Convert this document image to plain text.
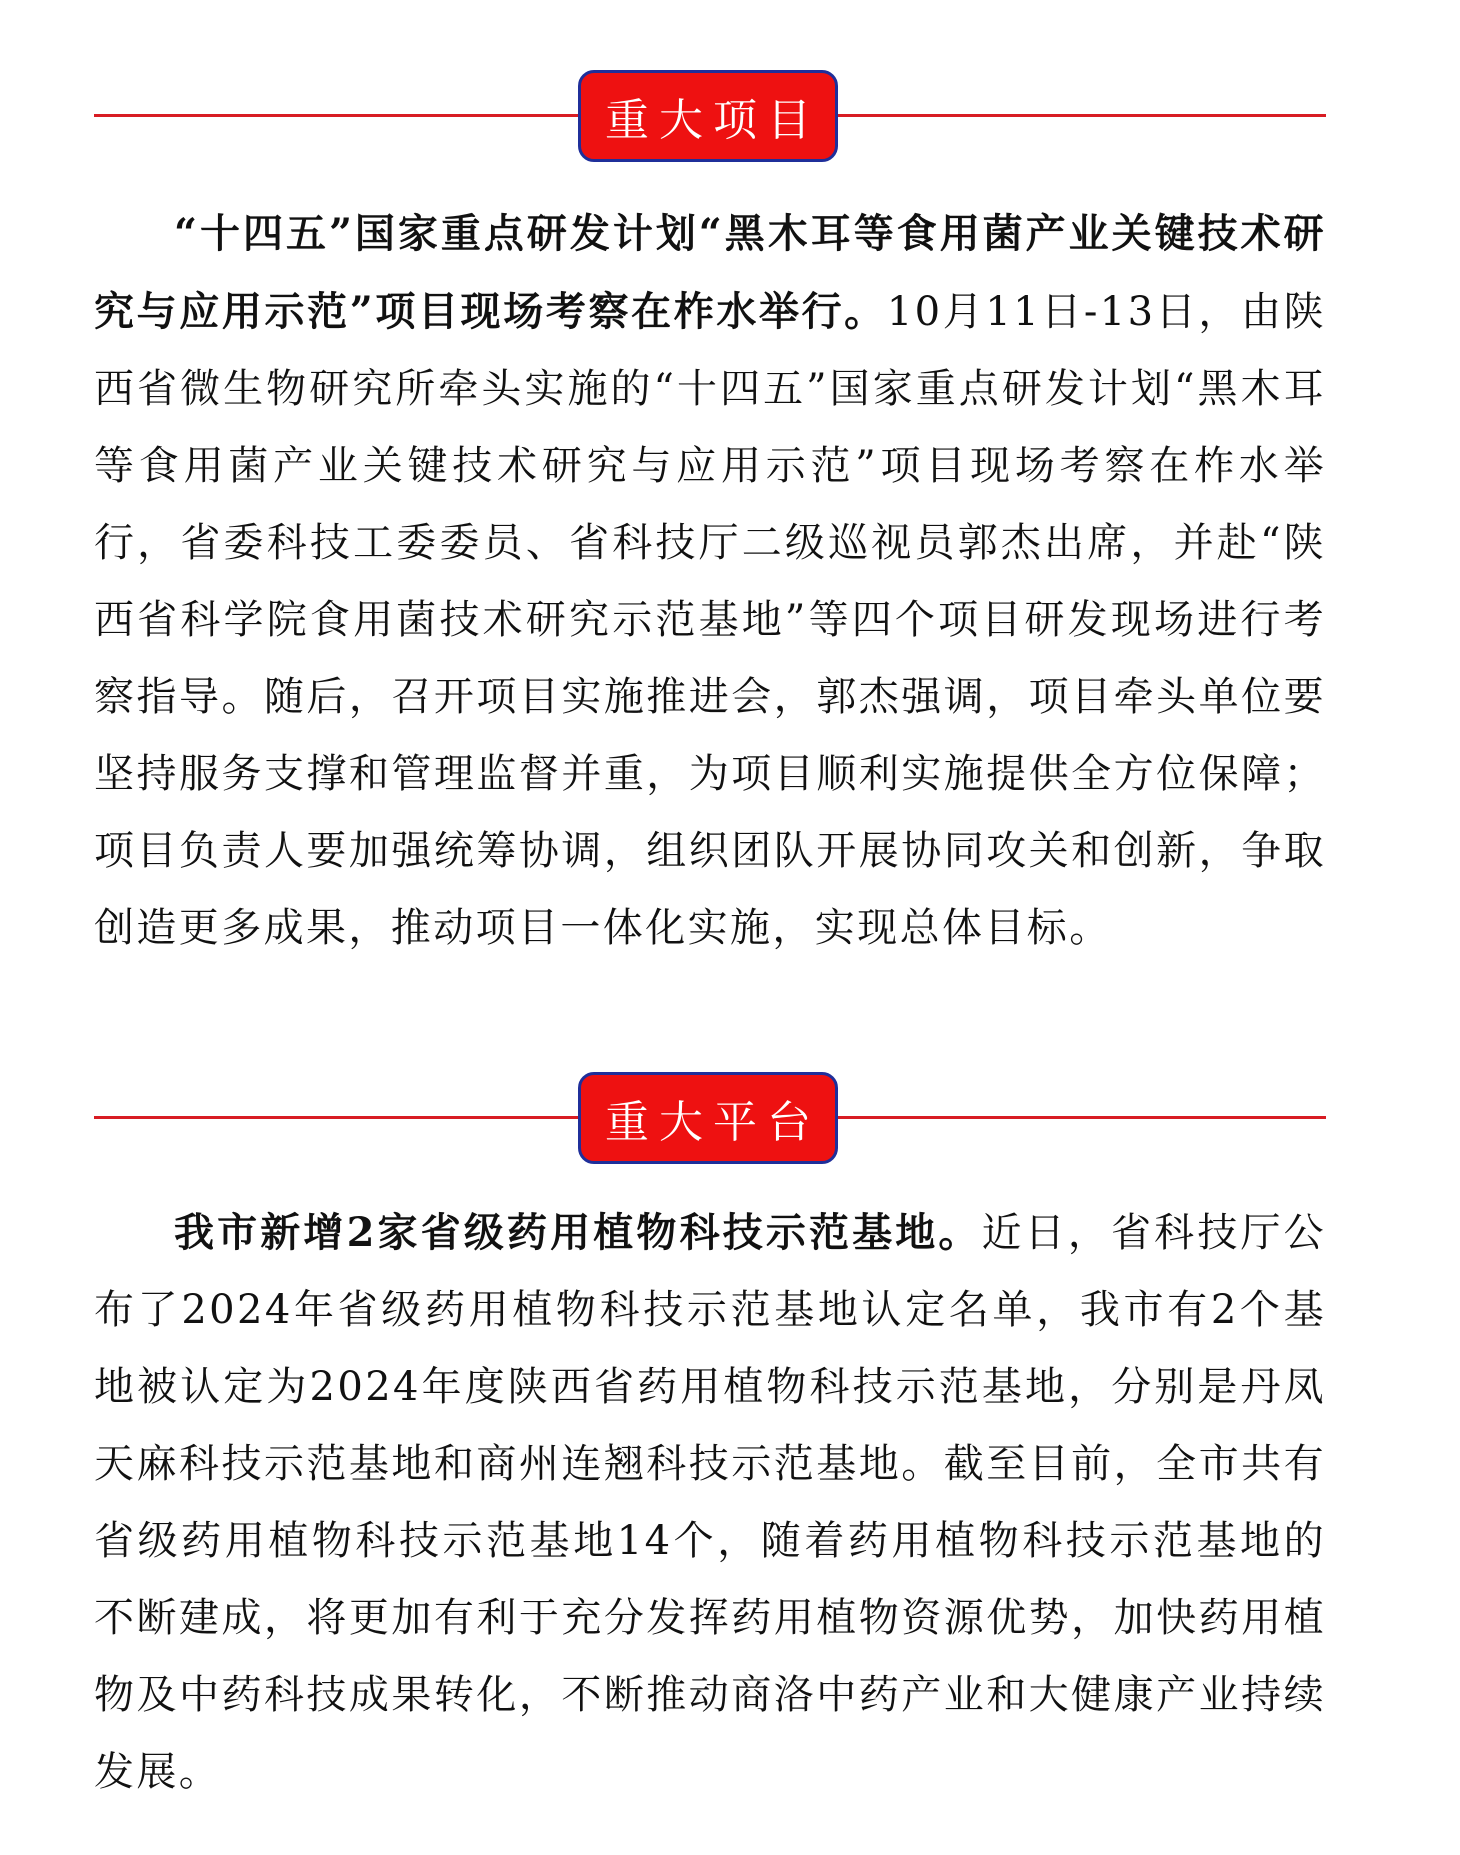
重大项目

“十四五”国家重点研发计划“黑木耳等食用菌产业关键技术研究与应用示范”项目现场考察在柞水举行。10月11日-13日，由陕西省微生物研究所牵头实施的“十四五”国家重点研发计划“黑木耳等食用菌产业关键技术研究与应用示范”项目现场考察在柞水举行，省委科技工委委员、省科技厅二级巡视员郭杰出席，并赴“陕西省科学院食用菌技术研究示范基地”等四个项目研发现场进行考察指导。随后，召开项目实施推进会，郭杰强调，项目牵头单位要坚持服务支撑和管理监督并重，为项目顺利实施提供全方位保障；项目负责人要加强统筹协调，组织团队开展协同攻关和创新，争取创造更多成果，推动项目一体化实施，实现总体目标。

重大平台

我市新增2家省级药用植物科技示范基地。近日，省科技厅公布了2024年省级药用植物科技示范基地认定名单，我市有2个基地被认定为2024年度陕西省药用植物科技示范基地，分别是丹凤天麻科技示范基地和商州连翘科技示范基地。截至目前，全市共有省级药用植物科技示范基地14个，随着药用植物科技示范基地的不断建成，将更加有利于充分发挥药用植物资源优势，加快药用植物及中药科技成果转化，不断推动商洛中药产业和大健康产业持续发展。
